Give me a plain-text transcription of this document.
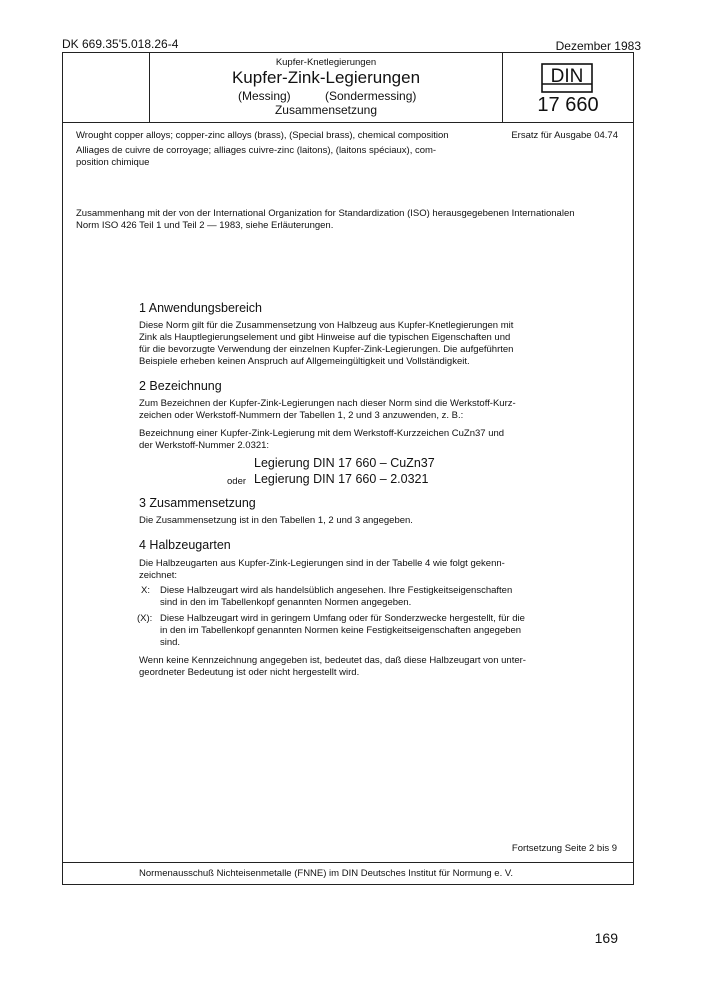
DK 669.35'5.018.26-4	Dezember 1983
Kupfer-Knetlegierungen
Kupfer-Zink-Legierungen
(Messing)	(Sondermessing)
Zusammensetzung
DIN
17 660
Wrought copper alloys; copper-zinc alloys (brass), (Special brass), chemical composition	Ersatz für Ausgabe 04.74
Alliages de cuivre de corroyage; alliages cuivre-zinc (laitons), (laitons spéciaux), com-
position chimique
Zusammenhang mit der von der International Organization for Standardization (ISO) herausgegebenen Internationalen
Norm ISO 426 Teil 1 und Teil 2 — 1983, siehe Erläuterungen.
1 Anwendungsbereich
Diese Norm gilt für die Zusammensetzung von Halbzeug aus Kupfer-Knetlegierungen mit
Zink als Hauptlegierungselement und gibt Hinweise auf die typischen Eigenschaften und
für die bevorzugte Verwendung der einzelnen Kupfer-Zink-Legierungen. Die aufgeführten
Beispiele erheben keinen Anspruch auf Allgemeingültigkeit und Vollständigkeit.
2 Bezeichnung
Zum Bezeichnen der Kupfer-Zink-Legierungen nach dieser Norm sind die Werkstoff-Kurz-
zeichen oder Werkstoff-Nummern der Tabellen 1, 2 und 3 anzuwenden, z. B.:
Bezeichnung einer Kupfer-Zink-Legierung mit dem Werkstoff-Kurzzeichen CuZn37 und
der Werkstoff-Nummer 2.0321:
Legierung DIN 17 660 – CuZn37
oder Legierung DIN 17 660 – 2.0321
3 Zusammensetzung
Die Zusammensetzung ist in den Tabellen 1, 2 und 3 angegeben.
4 Halbzeugarten
Die Halbzeugarten aus Kupfer-Zink-Legierungen sind in der Tabelle 4 wie folgt gekenn-
zeichnet:
X: Diese Halbzeugart wird als handelsüblich angesehen. Ihre Festigkeitseigenschaften
sind in den im Tabellenkopf genannten Normen angegeben.
(X): Diese Halbzeugart wird in geringem Umfang oder für Sonderzwecke hergestellt, für die
in den im Tabellenkopf genannten Normen keine Festigkeitseigenschaften angegeben
sind.
Wenn keine Kennzeichnung angegeben ist, bedeutet das, daß diese Halbzeugart von unter-
geordneter Bedeutung ist oder nicht hergestellt wird.
Fortsetzung Seite 2 bis 9
Normenausschuß Nichteisenmetalle (FNNE) im DIN Deutsches Institut für Normung e. V.
169
